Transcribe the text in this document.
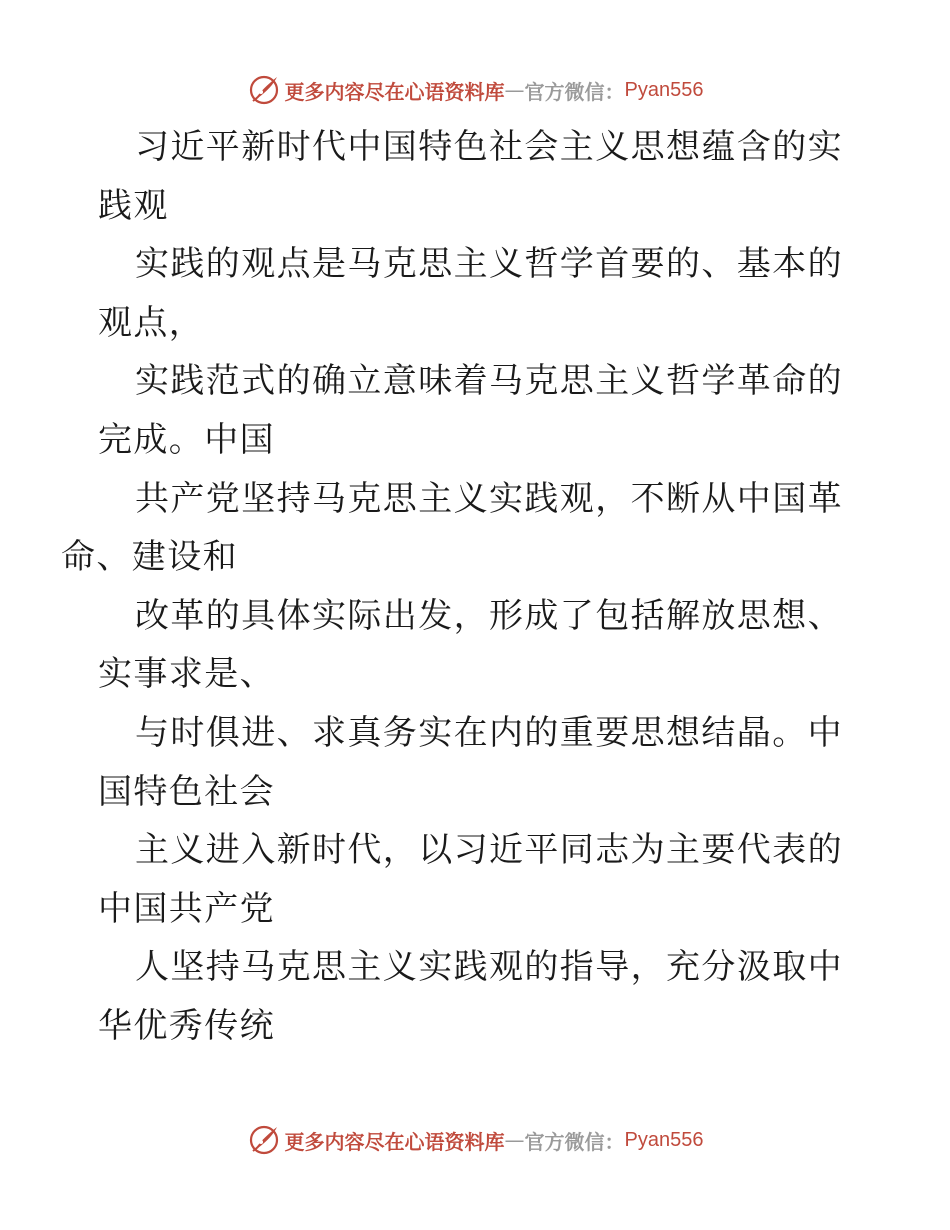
更多内容尽在心语资料库 — 官方微信： Pyan556

习近平新时代中国特色社会主义思想蕴含的实践观

实践的观点是马克思主义哲学首要的、基本的观点，

实践范式的确立意味着马克思主义哲学革命的完成。中国

共产党坚持马克思主义实践观，不断从中国革
命、建设和

改革的具体实际出发，形成了包括解放思想、实事求是、

与时俱进、求真务实在内的重要思想结晶。中国特色社会

主义进入新时代，以习近平同志为主要代表的中国共产党

人坚持马克思主义实践观的指导，充分汲取中华优秀传统

更多内容尽在心语资料库 — 官方微信： Pyan556
